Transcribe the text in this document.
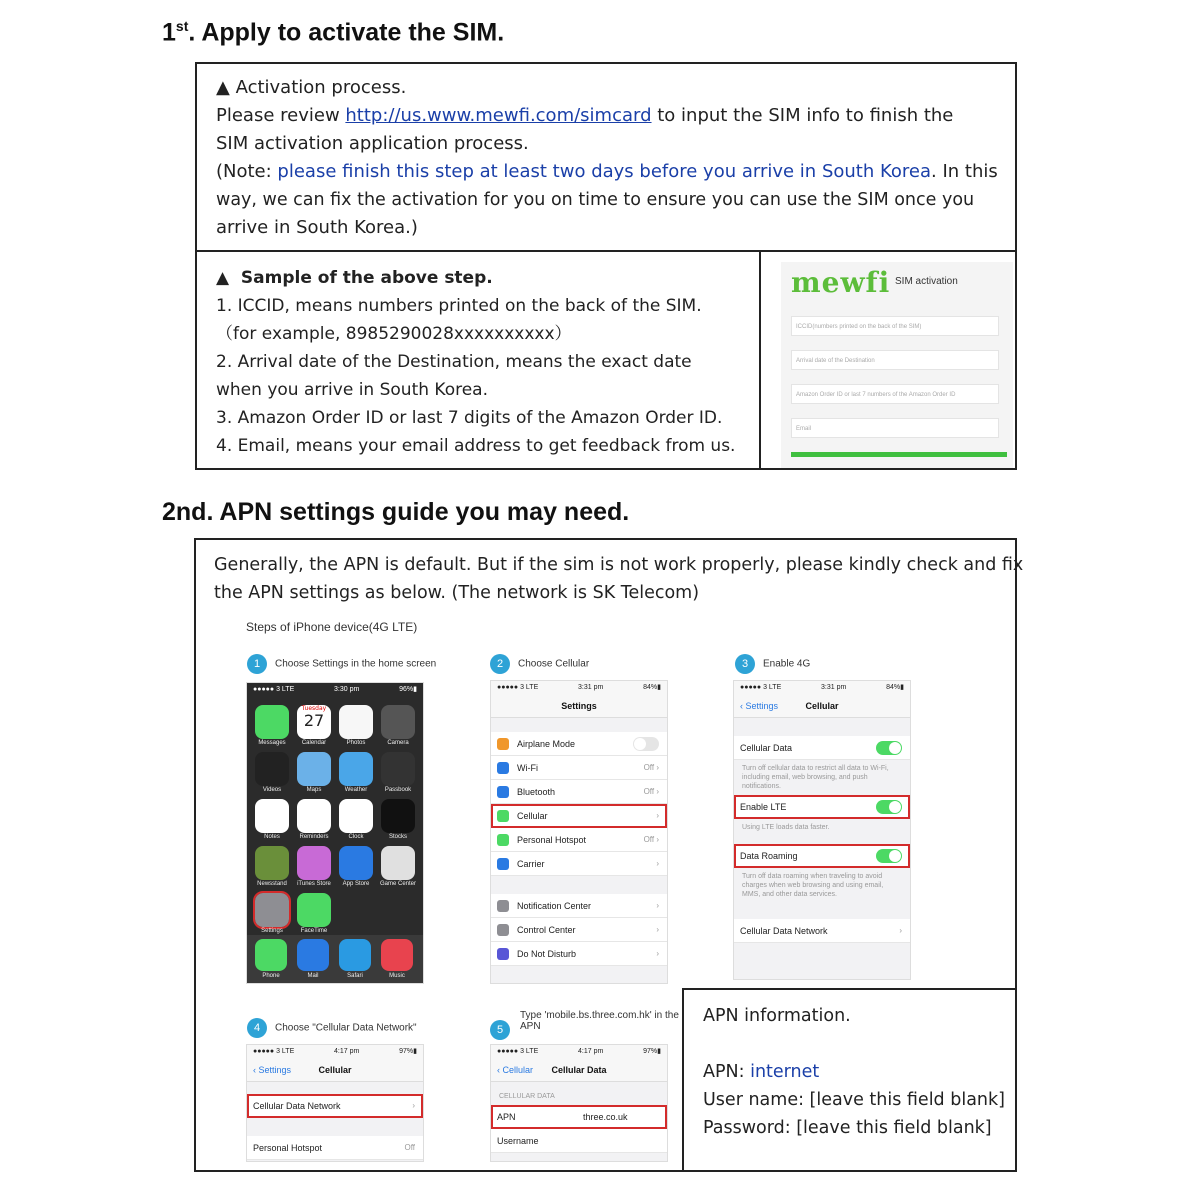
1st. Apply to activate the SIM.
▲ Activation process.
Please review http://us.www.mewfi.com/simcard to input the SIM info to finish the
SIM activation application process.
(Note: please finish this step at least two days before you arrive in South Korea. In this
way, we can fix the activation for you on time to ensure you can use the SIM once you
arrive in South Korea.)
▲  Sample of the above step.
1. ICCID, means numbers printed on the back of the SIM.
（for example, 8985290028xxxxxxxxxx）
2. Arrival date of the Destination, means the exact date
when you arrive in South Korea.
3. Amazon Order ID or last 7 digits of the Amazon Order ID.
4. Email, means your email address to get feedback from us.
mewfi SIM activation
ICCID(numbers printed on the back of the SIM)
Arrival date of the Destination
Amazon Order ID or last 7 numbers of the Amazon Order ID
Email
2nd. APN settings guide you may need.
Generally, the APN is default. But if the sim is not work properly, please kindly check and fix
the APN settings as below. (The network is SK Telecom)
Steps of iPhone device(4G LTE)
1 Choose Settings in the home screen	2 Choose Cellular	3 Enable 4G
4 Choose "Cellular Data Network"	5
Type 'mobile.bs.three.com.hk' in the
APN
●●●●● 3 LTE	3:30 pm	96%▮
Messages
Tuesday
27
Calendar	Photos	Camera
Videos	Maps	Weather	Passbook
Notes	Reminders	Clock	Stocks
Newsstand	iTunes Store	App Store	Game Center
Settings	FaceTime
Phone	Mail	Safari	Music
●●●●● 3 LTE	3:31 pm	84%▮
Settings
Airplane Mode
Wi-Fi	Off ›
Bluetooth	Off ›
Cellular	›
Personal Hotspot	Off ›
Carrier	›
Notification Center	›
Control Center	›
Do Not Disturb	›
●●●●● 3 LTE	3:31 pm	84%▮
‹ Settings	Cellular
Cellular Data
Turn off cellular data to restrict all data to Wi-Fi, including email, web browsing, and push notifications.
Enable LTE
Using LTE loads data faster.
Data Roaming
Turn off data roaming when traveling to avoid charges when web browsing and using email, MMS, and other data services.
Cellular Data Network	›
●●●●● 3 LTE	4:17 pm	97%▮
‹ Settings	Cellular
Cellular Data Network	›
Personal Hotspot	Off
●●●●● 3 LTE	4:17 pm	97%▮
‹ Cellular Cellular Data
CELLULAR DATA
APN	three.co.uk
Username
APN information.
APN: internet
User name: [leave this field blank]
Password: [leave this field blank]
